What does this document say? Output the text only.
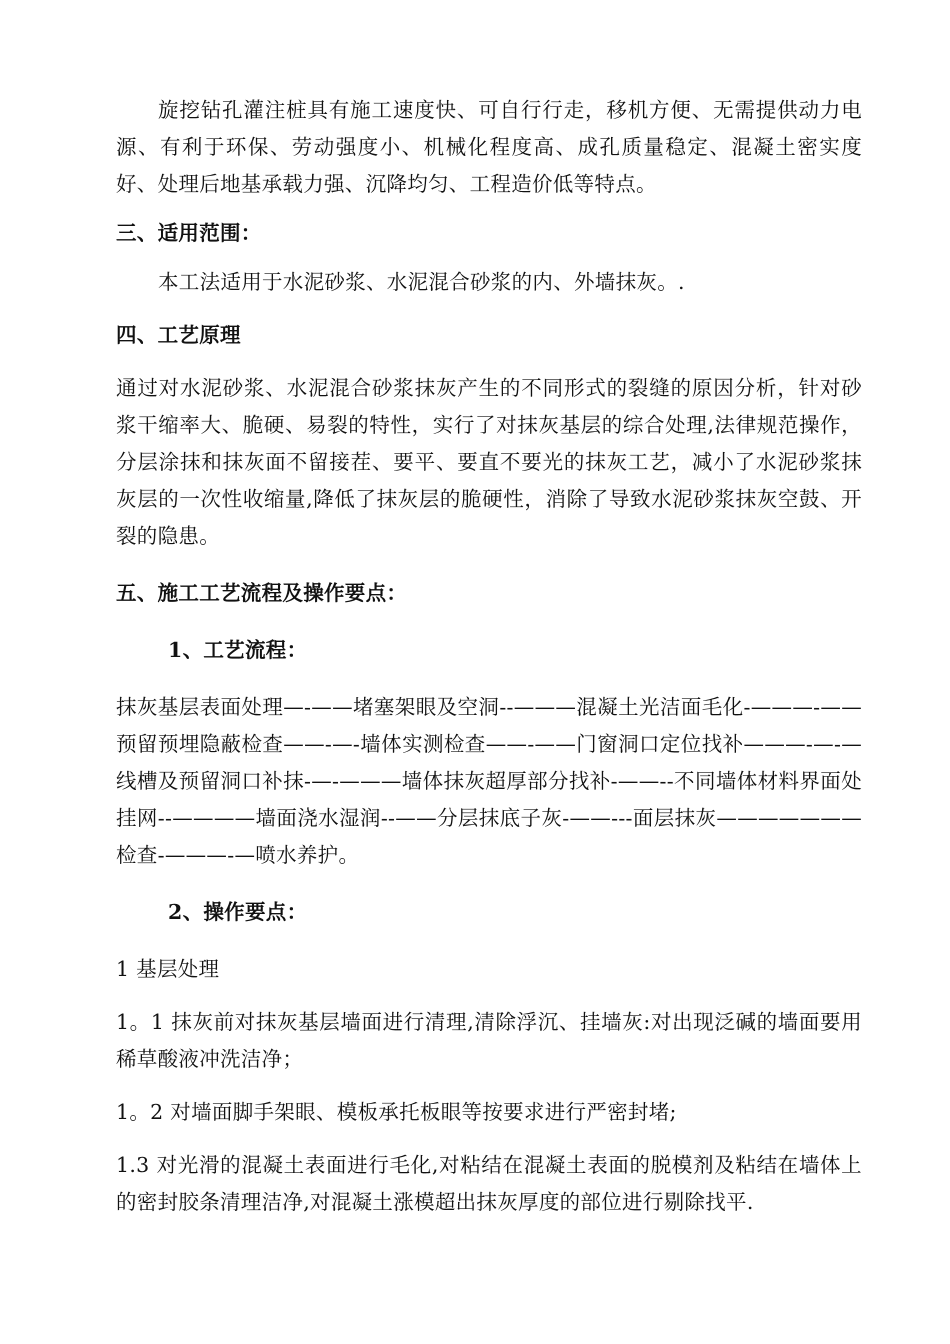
旋挖钻孔灌注桩具有施工速度快、可自行行走，移机方便、无需提供动力电源、有利于环保、劳动强度小、机械化程度高、成孔质量稳定、混凝土密实度好、处理后地基承载力强、沉降均匀、工程造价低等特点。

三、适用范围：

本工法适用于水泥砂浆、水泥混合砂浆的内、外墙抹灰。.

四、工艺原理

通过对水泥砂浆、水泥混合砂浆抹灰产生的不同形式的裂缝的原因分析，针对砂浆干缩率大、脆硬、易裂的特性，实行了对抹灰基层的综合处理,法律规范操作，分层涂抹和抹灰面不留接茬、要平、要直不要光的抹灰工艺，减小了水泥砂浆抹灰层的一次性收缩量,降低了抹灰层的脆硬性，消除了导致水泥砂浆抹灰空鼓、开裂的隐患。

五、施工工艺流程及操作要点：

1、工艺流程：

抹灰基层表面处理—-——堵塞架眼及空洞--———混凝土光洁面毛化-———-——预留预埋隐蔽检查——-—-墙体实测检查——-——门窗洞口定位找补———-—-—线槽及预留洞口补抹-—-———墙体抹灰超厚部分找补-——--不同墙体材料界面处挂网--————墙面浇水湿润--——分层抹底子灰-——---面层抹灰———————检查-———-—喷水养护。

2、操作要点：

1 基层处理

1。1 抹灰前对抹灰基层墙面进行清理,清除浮沉、挂墙灰:对出现泛碱的墙面要用稀草酸液冲洗洁净；

1。2 对墙面脚手架眼、模板承托板眼等按要求进行严密封堵;

1.3 对光滑的混凝土表面进行毛化,对粘结在混凝土表面的脱模剂及粘结在墙体上的密封胶条清理洁净,对混凝土涨模超出抹灰厚度的部位进行剔除找平.
